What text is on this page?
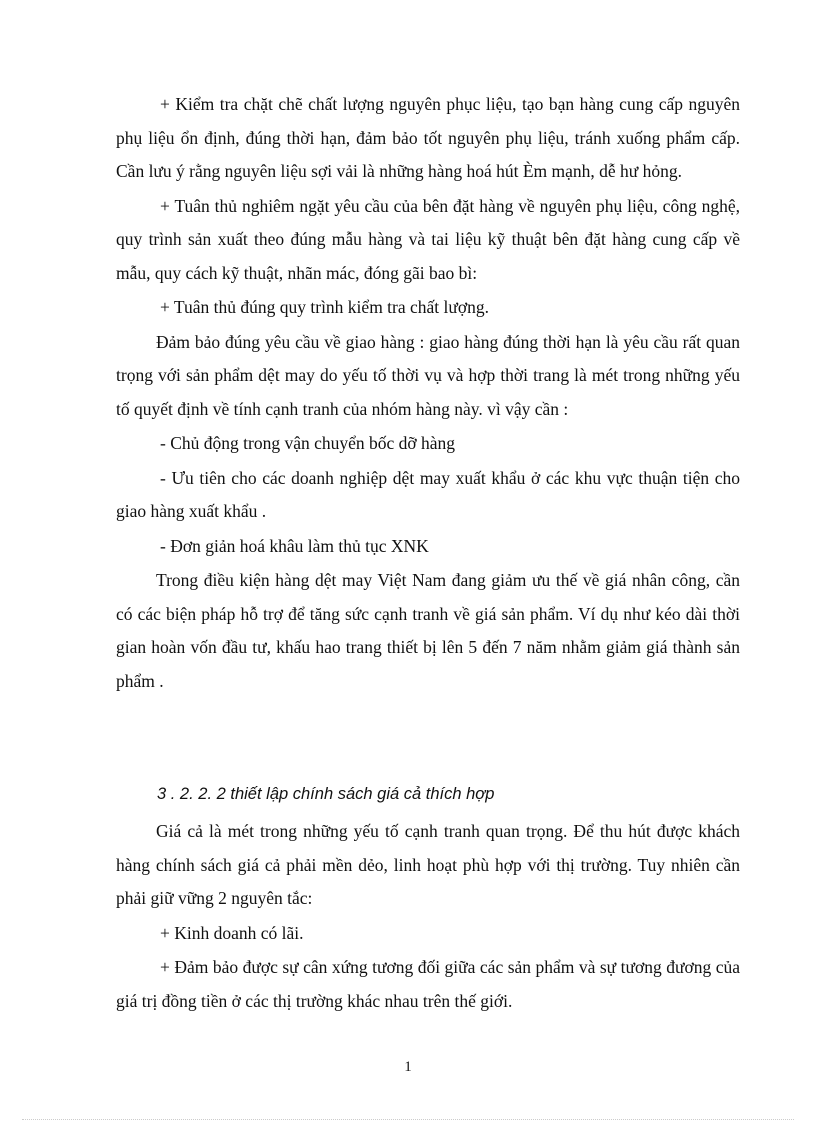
+ Kiểm tra chặt chẽ chất lượng nguyên phục liệu, tạo bạn hàng cung cấp nguyên phụ liệu ổn định, đúng thời hạn, đảm bảo tốt nguyên phụ liệu, tránh xuống phẩm cấp. Cần lưu ý rằng nguyên liệu sợi vải là những hàng hoá hút Èm mạnh, dễ hư hỏng.

+ Tuân thủ nghiêm ngặt yêu cầu của bên đặt hàng về nguyên phụ liệu, công nghệ, quy trình sản xuất theo đúng mẫu hàng và tai liệu kỹ thuật bên đặt hàng cung cấp về mẫu, quy cách kỹ thuật, nhãn mác, đóng gãi bao bì:

+ Tuân thủ đúng quy trình kiểm tra chất lượng.

Đảm bảo đúng yêu cầu về giao hàng : giao hàng đúng thời hạn là yêu cầu rất quan trọng với sản phẩm dệt may do yếu tố thời vụ và hợp thời trang là mét trong những yếu tố quyết định về tính cạnh tranh của nhóm hàng này. vì vậy cần :

- Chủ động trong vận chuyển bốc dỡ hàng

- Ưu tiên cho các doanh nghiệp dệt may xuất khẩu ở các khu vực thuận tiện cho giao hàng xuất khẩu .

- Đơn giản hoá khâu làm thủ tục XNK

Trong điều kiện hàng dệt may Việt Nam đang giảm ưu thế về giá nhân công, cần có các biện pháp hỗ trợ để tăng sức cạnh tranh về giá sản phẩm. Ví dụ như kéo dài thời gian hoàn vốn đầu tư, khấu hao trang thiết bị lên 5 đến 7 năm nhằm giảm giá thành sản phẩm .

3 . 2. 2. 2 thiết lập chính sách giá cả thích hợp

Giá cả là mét trong những yếu tố cạnh tranh quan trọng. Để thu hút được khách hàng chính sách giá cả phải mền dẻo, linh hoạt phù hợp với thị trường. Tuy nhiên cần phải giữ vững 2 nguyên tắc:

+ Kinh doanh có lãi.

+ Đảm bảo được sự cân xứng tương đối giữa các sản phẩm và sự tương đương của giá trị đồng tiền ở các thị trường khác nhau trên thế giới.

1
